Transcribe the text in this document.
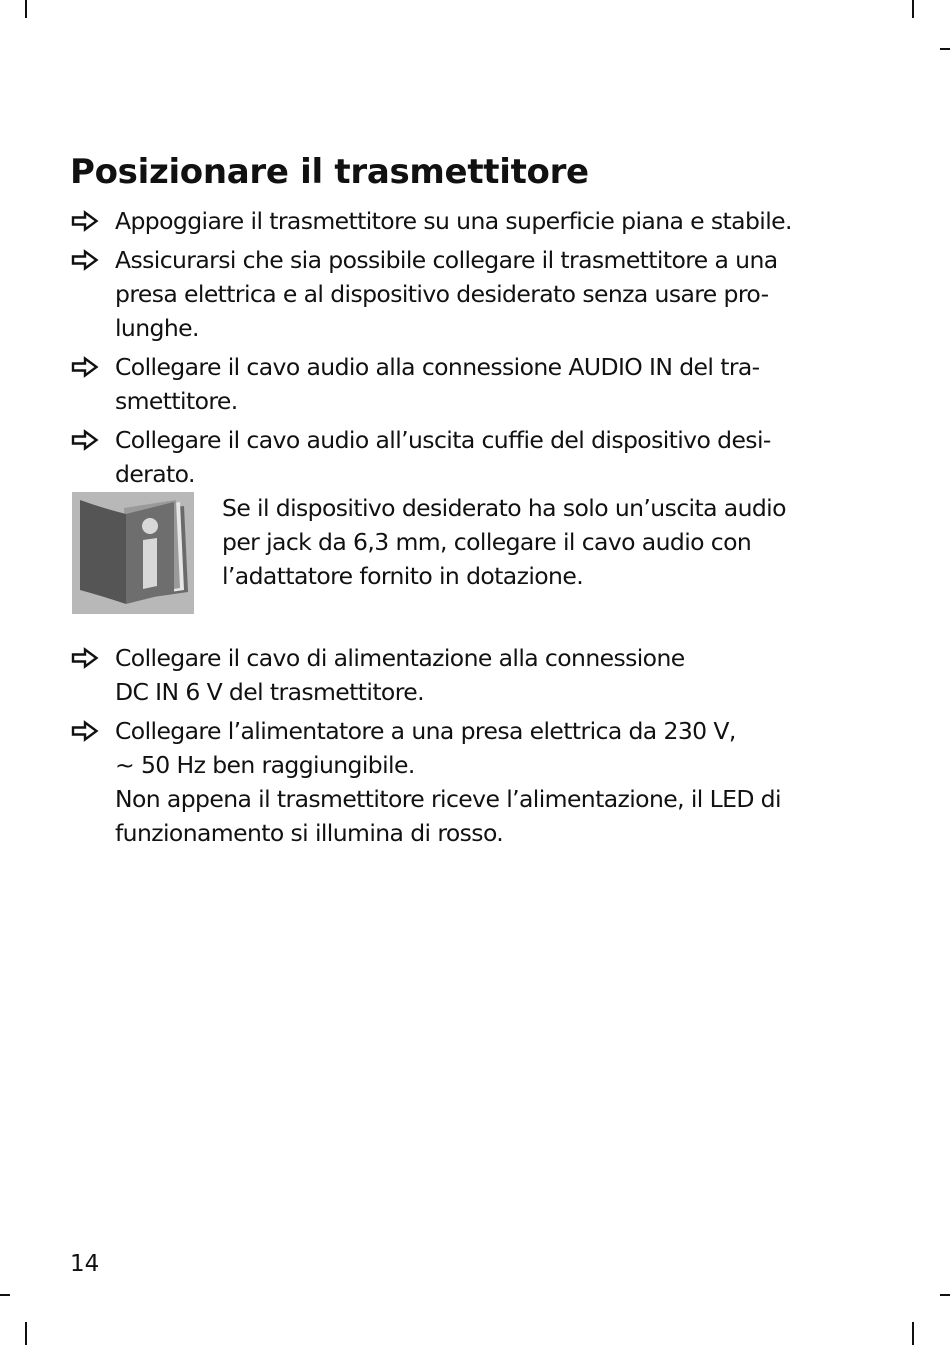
Posizionare il trasmettitore

Appoggiare il trasmettitore su una superficie piana e stabile.

Assicurarsi che sia possibile collegare il trasmettitore a una
presa elettrica e al dispositivo desiderato senza usare pro-
lunghe.

Collegare il cavo audio alla connessione AUDIO IN del tra-
smettitore.

Collegare il cavo audio all’uscita cuffie del dispositivo desi-
derato.

Se il dispositivo desiderato ha solo un’uscita audio
per jack da 6,3 mm, collegare il cavo audio con
l’adattatore fornito in dotazione.

Collegare il cavo di alimentazione alla connessione
DC IN 6 V del trasmettitore.

Collegare l’alimentatore a una presa elettrica da 230 V,
~ 50 Hz ben raggiungibile.
Non appena il trasmettitore riceve l’alimentazione, il LED di
funzionamento si illumina di rosso.

14
